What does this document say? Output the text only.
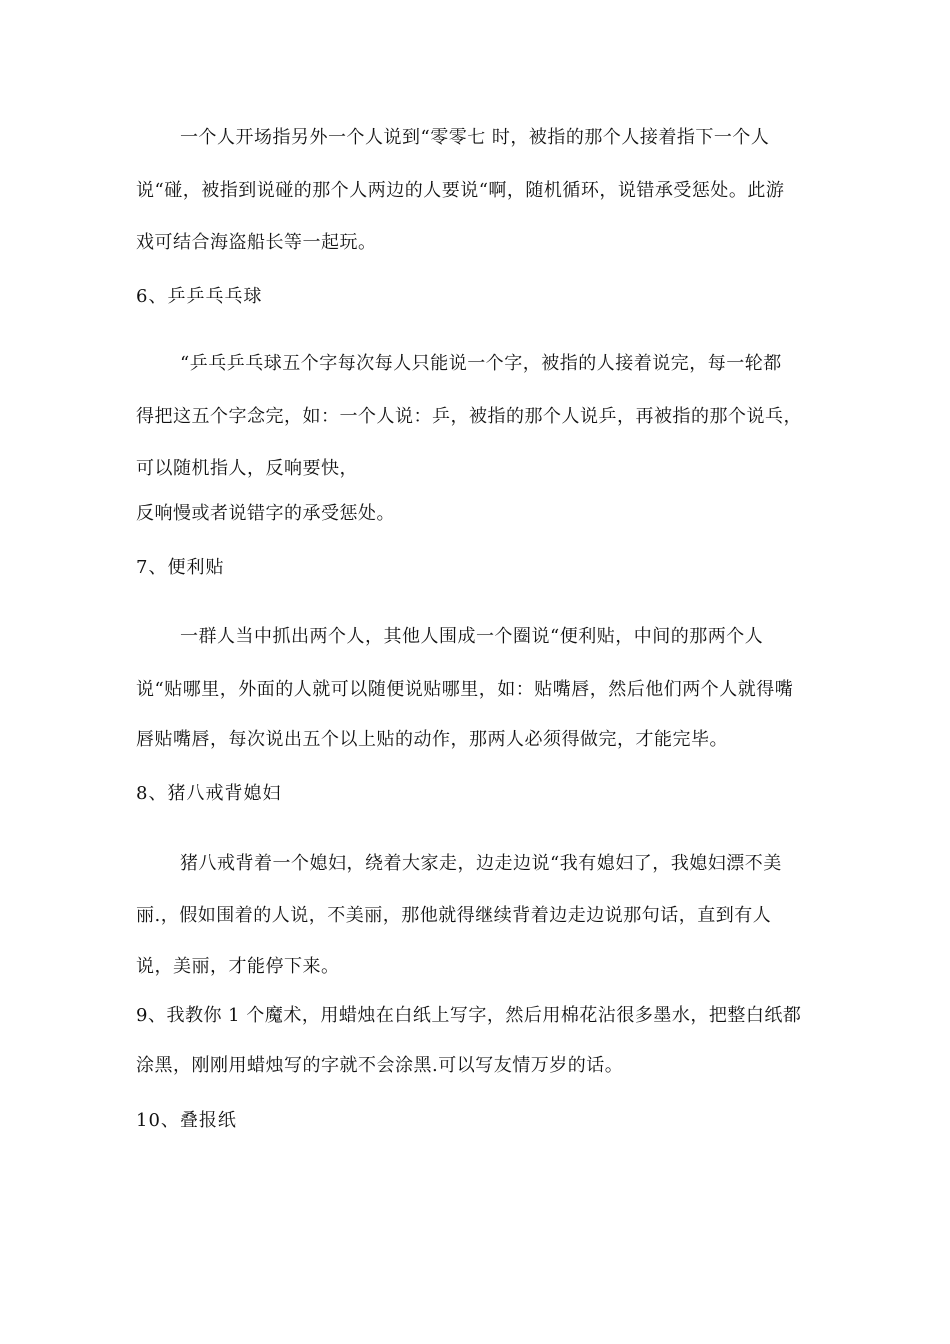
一个人开场指另外一个人说到“零零七 时，被指的那个人接着指下一个人
说“碰，被指到说碰的那个人两边的人要说“啊，随机循环，说错承受惩处。此游
戏可结合海盗船长等一起玩。
6、乒乒乓乓球
“乒乓乒乓球五个字每次每人只能说一个字，被指的人接着说完，每一轮都
得把这五个字念完，如：一个人说：乒，被指的那个人说乒，再被指的那个说乓，
可以随机指人，反响要快，
反响慢或者说错字的承受惩处。
7、便利贴
一群人当中抓出两个人，其他人围成一个圈说“便利贴，中间的那两个人
说“贴哪里，外面的人就可以随便说贴哪里，如：贴嘴唇，然后他们两个人就得嘴
唇贴嘴唇，每次说出五个以上贴的动作，那两人必须得做完，才能完毕。
8、猪八戒背媳妇
猪八戒背着一个媳妇，绕着大家走，边走边说“我有媳妇了，我媳妇漂不美
丽.，假如围着的人说，不美丽，那他就得继续背着边走边说那句话，直到有人
说，美丽，才能停下来。
9、我教你 1 个魔术，用蜡烛在白纸上写字，然后用棉花沾很多墨水，把整白纸都
涂黑，刚刚用蜡烛写的字就不会涂黑.可以写友情万岁的话。
10、叠报纸
